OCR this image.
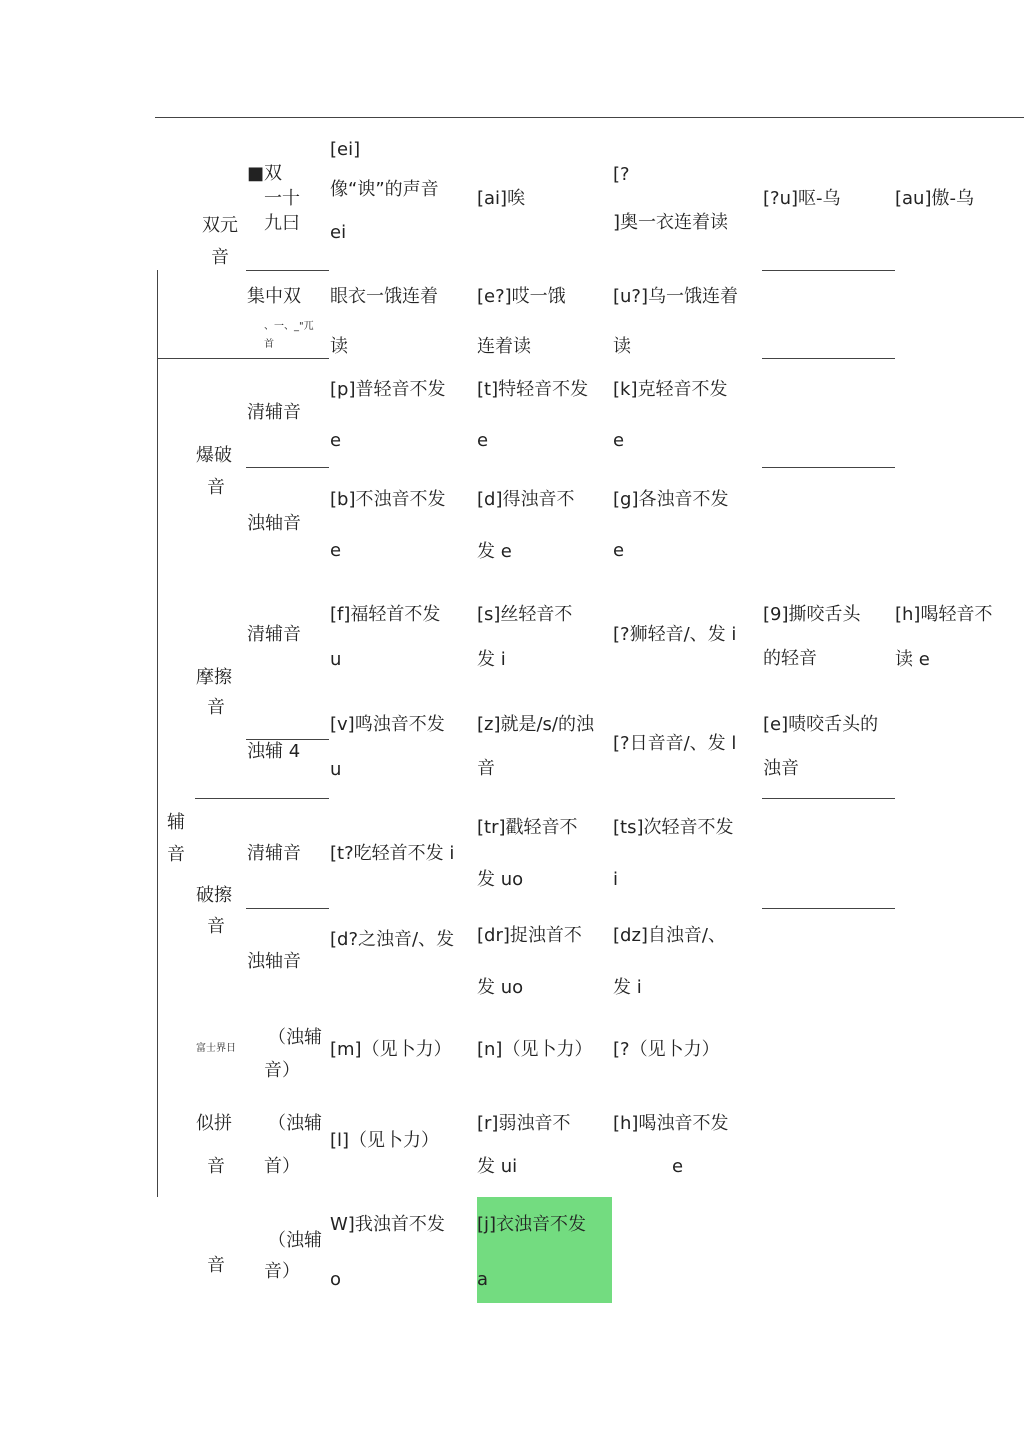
双元
音
■双
一十
九曰
[ei]
像“谀”的声音
ei
[ai]唉
[?
]奥一衣连着读
[?u]呕-乌	[au]傲-乌
集中双
、一、_"兀
首
眼衣一饿连着
读
[e?]哎一饿
连着读
[u?]乌一饿连着
读
爆破
音
清辅音
浊轴音
[p]普轻音不发
e
[t]特轻音不发
e
[k]克轻音不发
e
[b]不浊音不发
e
[d]得浊音不
发 e
[g]各浊音不发
e
摩擦
音
清辅音
浊辅 4
[f]福轻首不发
u
[s]丝轻音不
发 i
[?狮轻音/、发 i
[9]撕咬舌头
的轻音
[h]喝轻音不
读 e
[v]鸣浊音不发
u
[z]就是/s/的浊
音
[?日音音/、发 l
[e]啧咬舌头的
浊音
辅
音
破擦
音
清辅音
浊轴音
[t?吃轻首不发 i
[tr]戳轻音不
发 uo
[ts]次轻音不发
i
[d?之浊音/、发 [dr]捉浊首不
发 uo
[dz]自浊音/、
发 i
富士界日
（浊辅
音）
[m]（见卜力） [n]（见卜力） [?（见卜力）
似拼
音
（浊辅
首）
[l]（见卜力）
[r]弱浊音不
发 ui
[h]喝浊音不发
e
音
（浊辅
音）
W]我浊首不发
o
[j]衣浊音不发
a
